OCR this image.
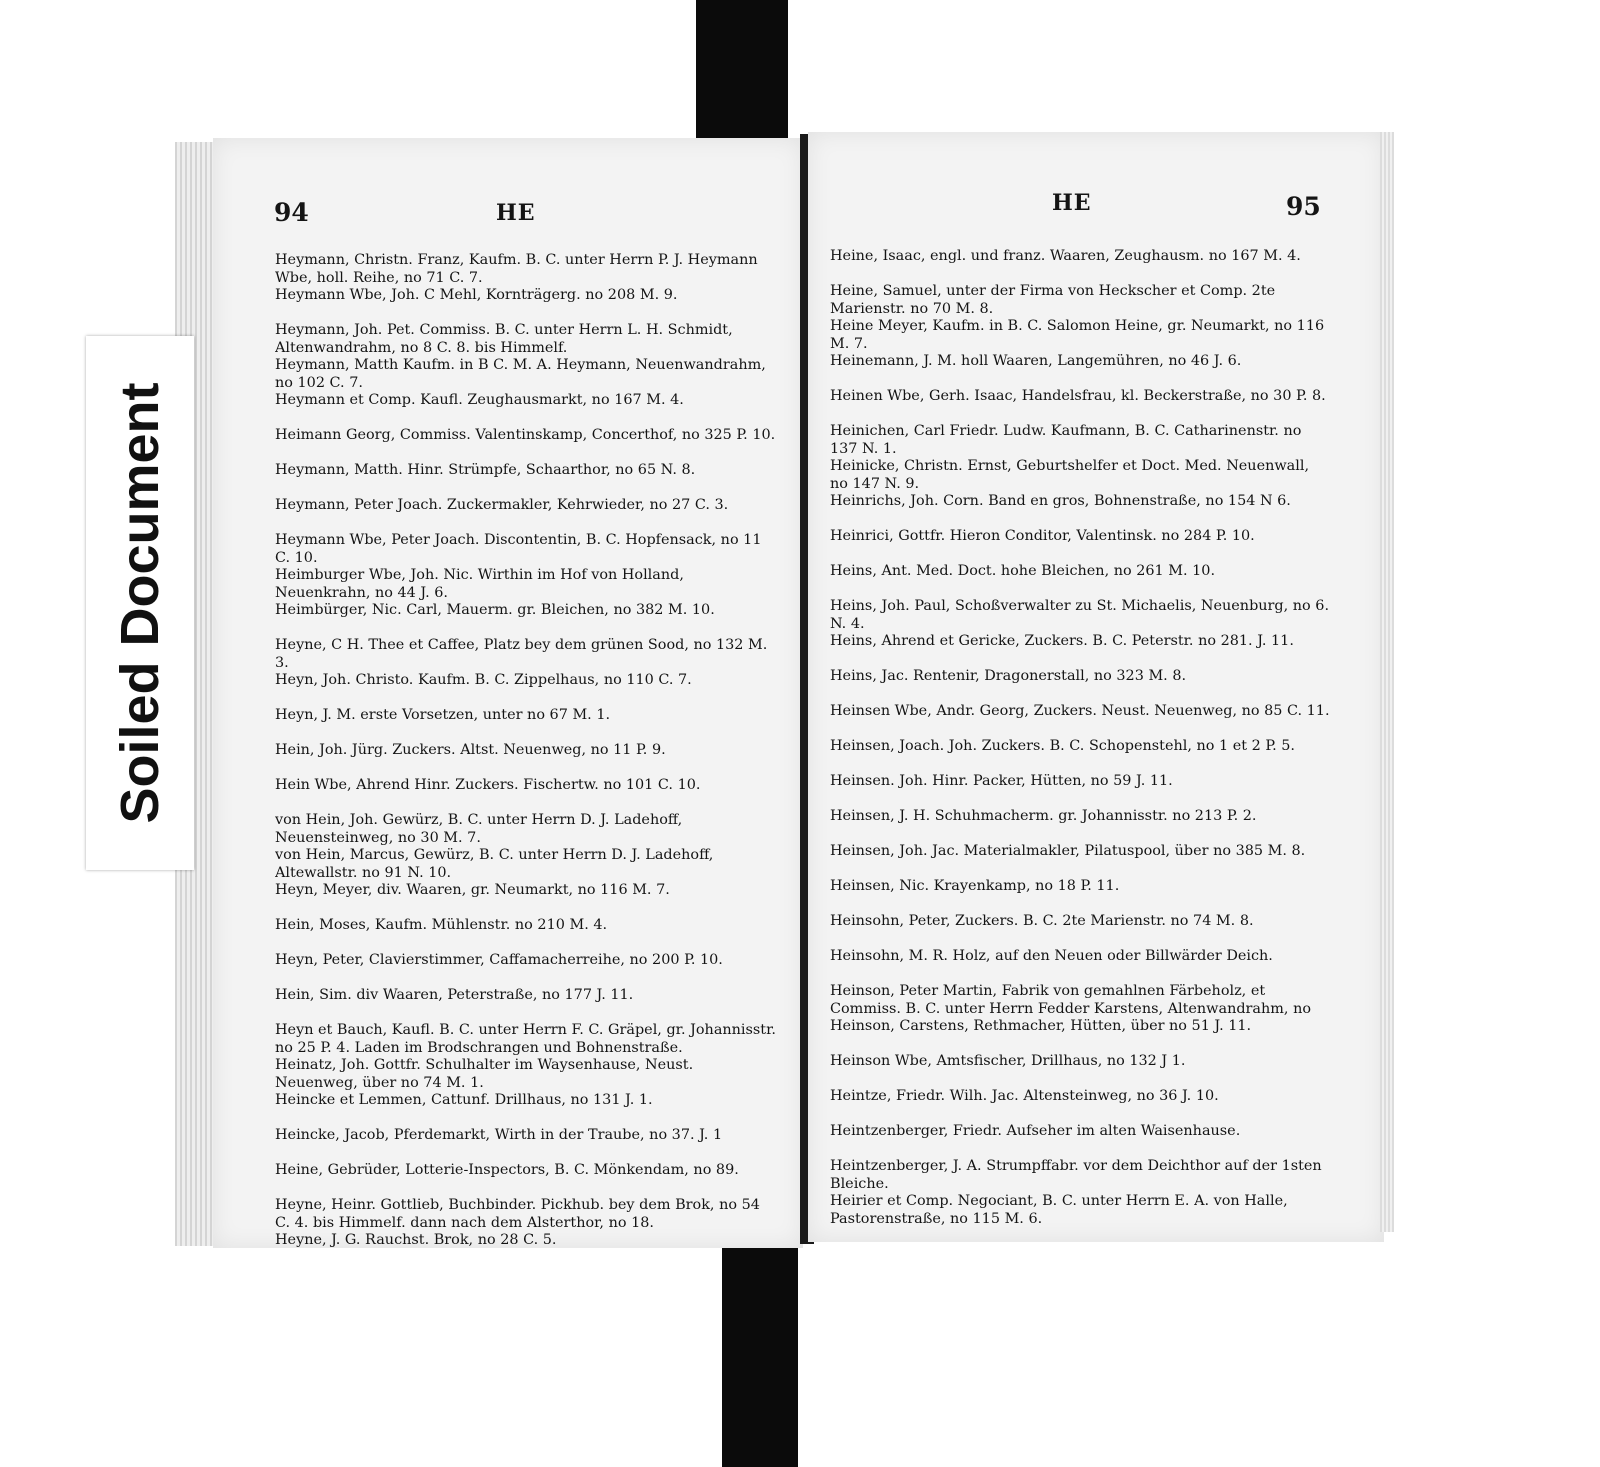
94	HE
Heymann, Christn. Franz, Kaufm. B. C. unter Herrn P. J. Heymann Wbe, holl. Reihe, no 71 C. 7.
Heymann Wbe, Joh. C Mehl, Kornträgerg. no 208 M. 9.
Heymann, Joh. Pet. Commiss. B. C. unter Herrn L. H. Schmidt, Altenwandrahm, no 8 C. 8. bis Himmelf.
Heymann, Matth Kaufm. in B C. M. A. Heymann, Neuenwandrahm, no 102 C. 7.
Heymann et Comp. Kaufl. Zeughausmarkt, no 167 M. 4.
Heimann Georg, Commiss. Valentinskamp, Concerthof, no 325 P. 10.
Heymann, Matth. Hinr. Strümpfe, Schaarthor, no 65 N. 8.
Heymann, Peter Joach. Zuckermakler, Kehrwieder, no 27 C. 3.
Heymann Wbe, Peter Joach. Discontentin, B. C. Hopfensack, no 11 C. 10.
Heimburger Wbe, Joh. Nic. Wirthin im Hof von Holland, Neuenkrahn, no 44 J. 6.
Heimbürger, Nic. Carl, Mauerm. gr. Bleichen, no 382 M. 10.
Heyne, C H. Thee et Caffee, Platz bey dem grünen Sood, no 132 M. 3.
Heyn, Joh. Christo. Kaufm. B. C. Zippelhaus, no 110 C. 7.
Heyn, J. M. erste Vorsetzen, unter no 67 M. 1.
Hein, Joh. Jürg. Zuckers. Altst. Neuenweg, no 11 P. 9.
Hein Wbe, Ahrend Hinr. Zuckers. Fischertw. no 101 C. 10.
von Hein, Joh. Gewürz, B. C. unter Herrn D. J. Ladehoff, Neuensteinweg, no 30 M. 7.
von Hein, Marcus, Gewürz, B. C. unter Herrn D. J. Ladehoff, Altewallstr. no 91 N. 10.
Heyn, Meyer, div. Waaren, gr. Neumarkt, no 116 M. 7.
Hein, Moses, Kaufm. Mühlenstr. no 210 M. 4.
Heyn, Peter, Clavierstimmer, Caffamacherreihe, no 200 P. 10.
Hein, Sim. div Waaren, Peterstraße, no 177 J. 11.
Heyn et Bauch, Kaufl. B. C. unter Herrn F. C. Gräpel, gr. Johannisstr. no 25 P. 4. Laden im Brodschrangen und Bohnenstraße.
Heinatz, Joh. Gottfr. Schulhalter im Waysenhause, Neust. Neuenweg, über no 74 M. 1.
Heincke et Lemmen, Cattunf. Drillhaus, no 131 J. 1.
Heincke, Jacob, Pferdemarkt, Wirth in der Traube, no 37. J. 1
Heine, Gebrüder, Lotterie-Inspectors, B. C. Mönkendam, no 89.
Heyne, Heinr. Gottlieb, Buchbinder. Pickhub. bey dem Brok, no 54 C. 4. bis Himmelf. dann nach dem Alsterthor, no 18.
Heyne, J. G. Rauchst. Brok, no 28 C. 5.
HE	95
Heine, Isaac, engl. und franz. Waaren, Zeughausm. no 167 M. 4.
Heine, Samuel, unter der Firma von Heckscher et Comp. 2te Marienstr. no 70 M. 8.
Heine Meyer, Kaufm. in B. C. Salomon Heine, gr. Neumarkt, no 116 M. 7.
Heinemann, J. M. holl Waaren, Langemühren, no 46 J. 6.
Heinen Wbe, Gerh. Isaac, Handelsfrau, kl. Beckerstraße, no 30 P. 8.
Heinichen, Carl Friedr. Ludw. Kaufmann, B. C. Catharinenstr. no 137 N. 1.
Heinicke, Christn. Ernst, Geburtshelfer et Doct. Med. Neuenwall, no 147 N. 9.
Heinrichs, Joh. Corn. Band en gros, Bohnenstraße, no 154 N 6.
Heinrici, Gottfr. Hieron Conditor, Valentinsk. no 284 P. 10.
Heins, Ant. Med. Doct. hohe Bleichen, no 261 M. 10.
Heins, Joh. Paul, Schoßverwalter zu St. Michaelis, Neuenburg, no 6. N. 4.
Heins, Ahrend et Gericke, Zuckers. B. C. Peterstr. no 281. J. 11.
Heins, Jac. Rentenir, Dragonerstall, no 323 M. 8.
Heinsen Wbe, Andr. Georg, Zuckers. Neust. Neuenweg, no 85 C. 11.
Heinsen, Joach. Joh. Zuckers. B. C. Schopenstehl, no 1 et 2 P. 5.
Heinsen. Joh. Hinr. Packer, Hütten, no 59 J. 11.
Heinsen, J. H. Schuhmacherm. gr. Johannisstr. no 213 P. 2.
Heinsen, Joh. Jac. Materialmakler, Pilatuspool, über no 385 M. 8.
Heinsen, Nic. Krayenkamp, no 18 P. 11.
Heinsohn, Peter, Zuckers. B. C. 2te Marienstr. no 74 M. 8.
Heinsohn, M. R. Holz, auf den Neuen oder Billwärder Deich.
Heinson, Peter Martin, Fabrik von gemahlnen Färbeholz, et Commiss. B. C. unter Herrn Fedder Karstens, Altenwandrahm, no
Heinson, Carstens, Rethmacher, Hütten, über no 51 J. 11.
Heinson Wbe, Amtsfischer, Drillhaus, no 132 J 1.
Heintze, Friedr. Wilh. Jac. Altensteinweg, no 36 J. 10.
Heintzenberger, Friedr. Aufseher im alten Waisenhause.
Heintzenberger, J. A. Strumpffabr. vor dem Deichthor auf der 1sten Bleiche.
Heirier et Comp. Negociant, B. C. unter Herrn E. A. von Halle, Pastorenstraße, no 115 M. 6.
Soiled Document
